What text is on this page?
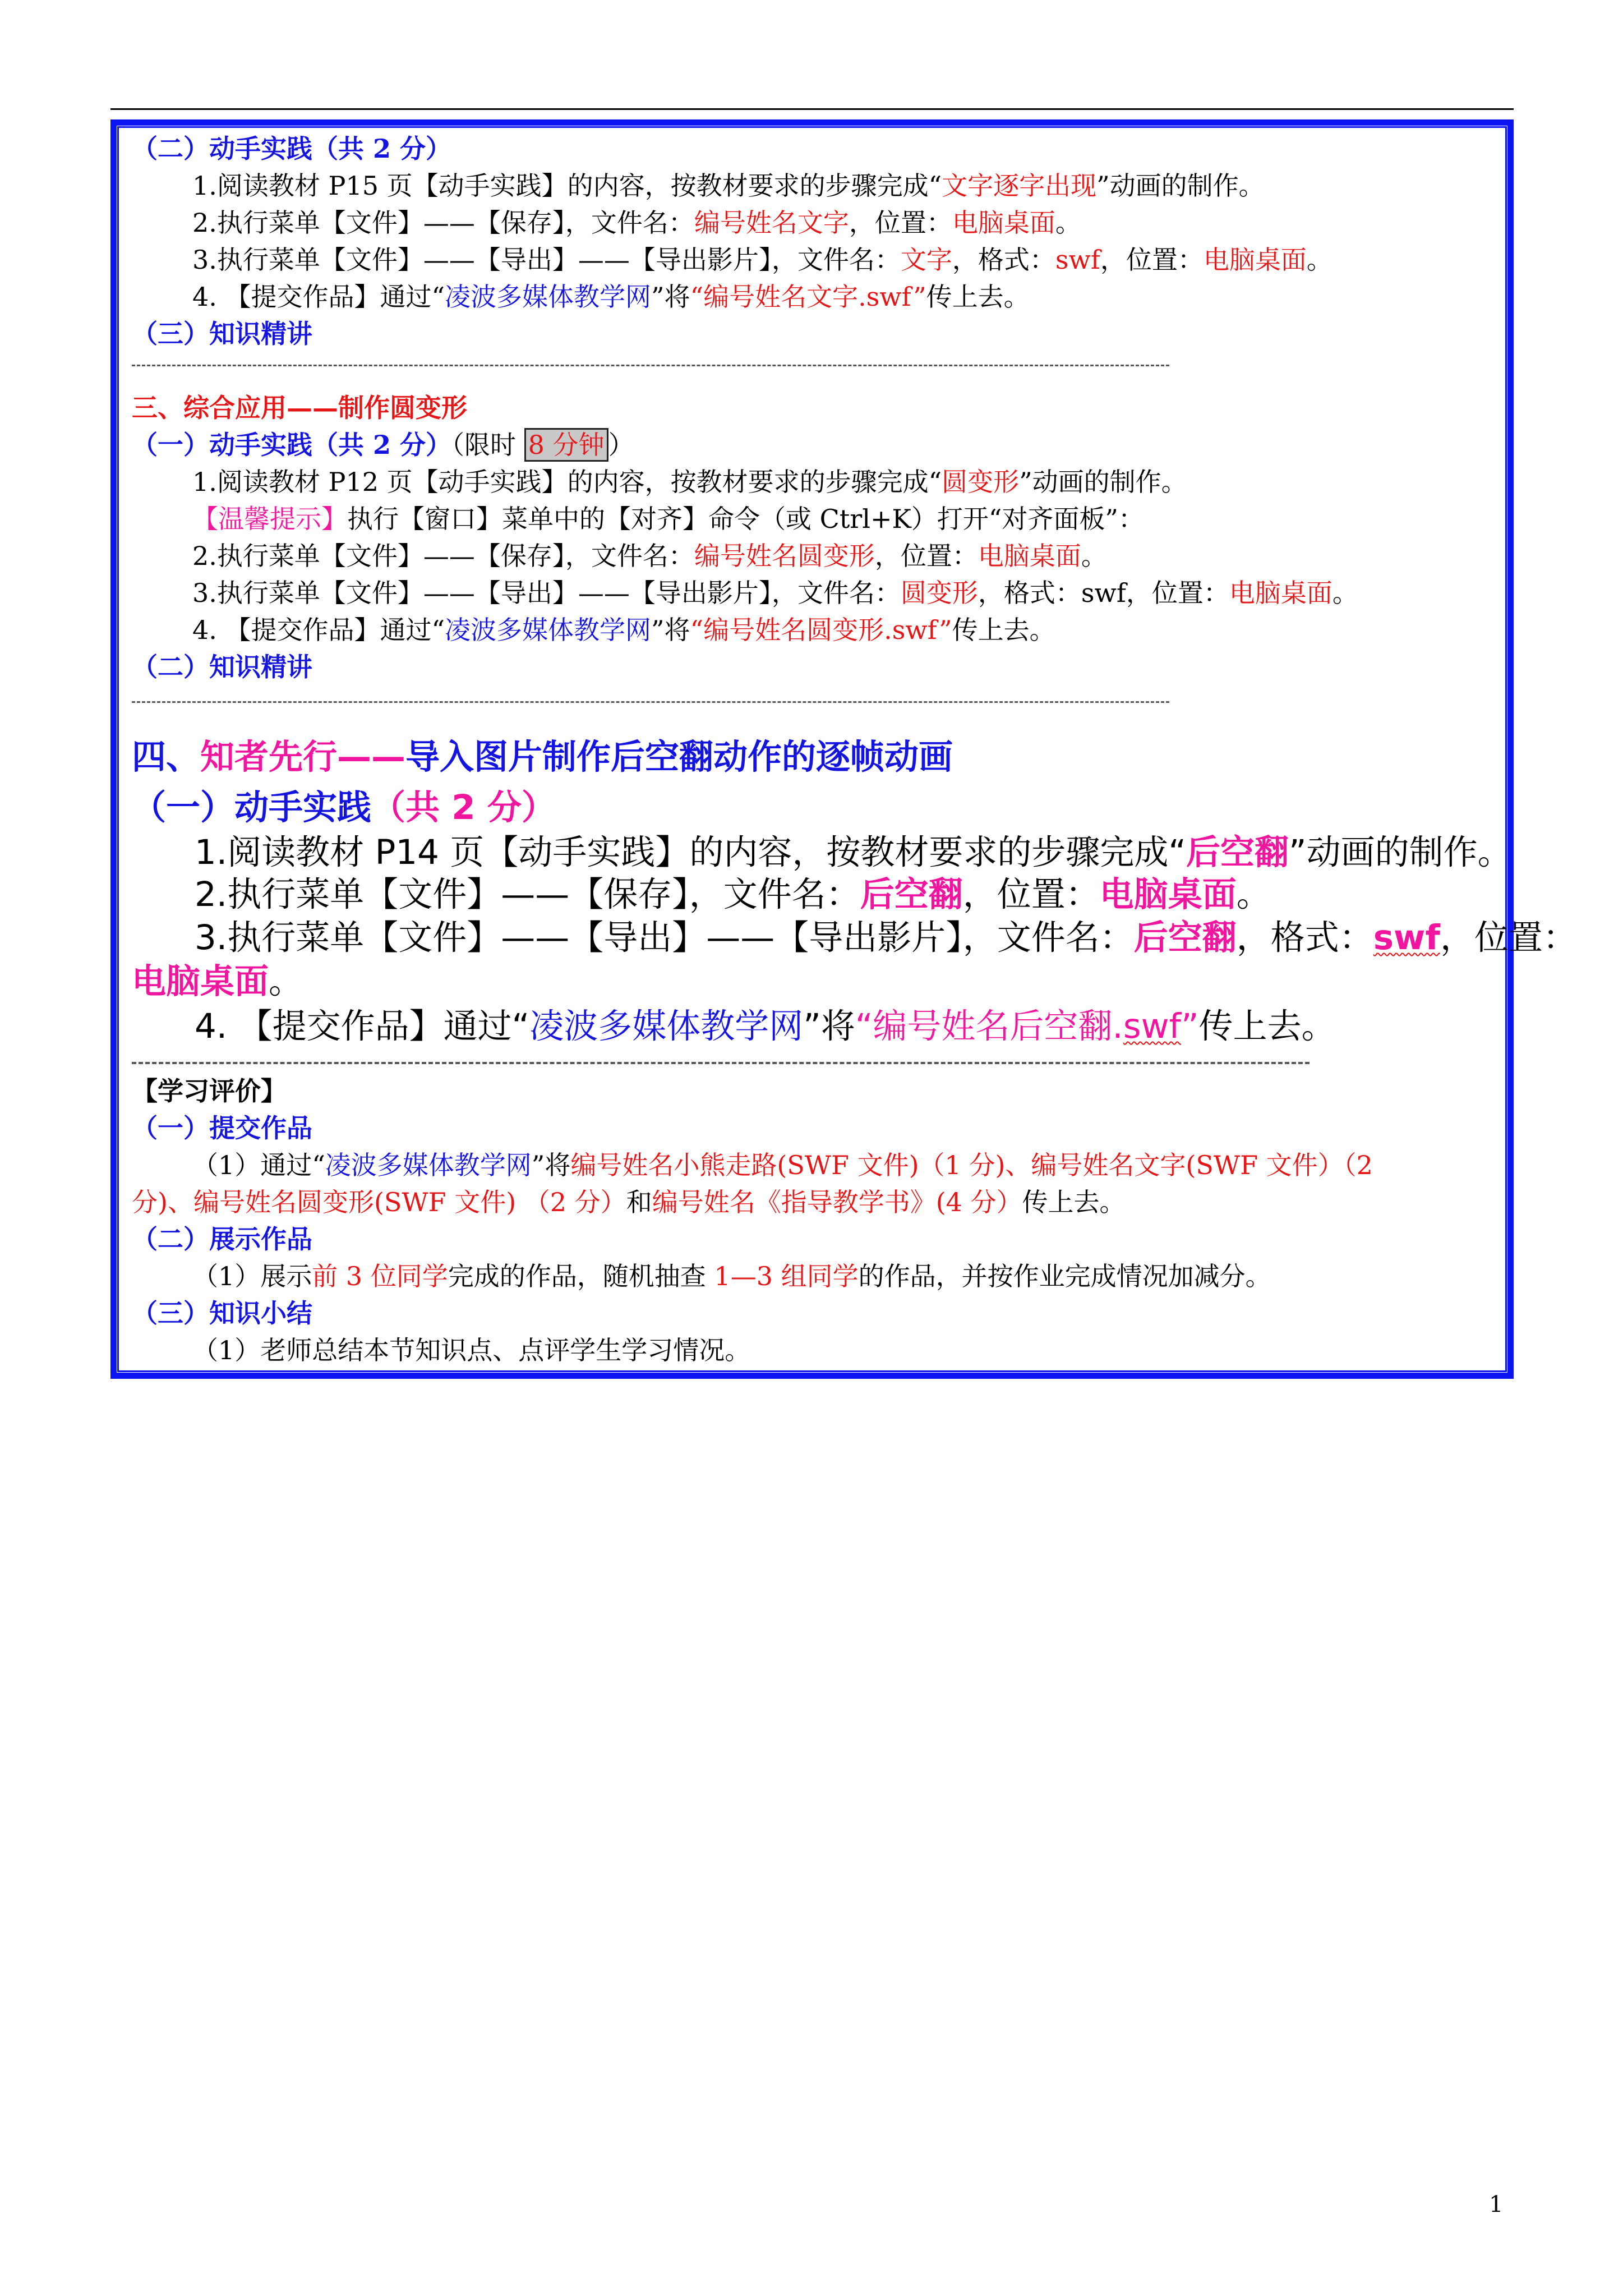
（二）动手实践（共 2 分）
1.阅读教材 P15 页【动手实践】的内容，按教材要求的步骤完成“文字逐字出现”动画的制作。
2.执行菜单【文件】——【保存】，文件名：编号姓名文字，位置：电脑桌面。
3.执行菜单【文件】——【导出】——【导出影片】，文件名：文字，格式：swf，位置：电脑桌面。
4. 【提交作品】通过“凌波多媒体教学网”将“编号姓名文字.swf”传上去。
（三）知识精讲
三、综合应用——制作圆变形
（一）动手实践（共 2 分）（限时 8 分钟 ）
1.阅读教材 P12 页【动手实践】的内容，按教材要求的步骤完成“圆变形”动画的制作。
【温馨提示】执行【窗口】菜单中的【对齐】命令（或 Ctrl+K）打开“对齐面板”：
2.执行菜单【文件】——【保存】，文件名：编号姓名圆变形，位置：电脑桌面。
3.执行菜单【文件】——【导出】——【导出影片】，文件名：圆变形，格式：swf，位置：电脑桌面。
4. 【提交作品】通过“凌波多媒体教学网”将“编号姓名圆变形.swf”传上去。
（二）知识精讲
四、知者先行——导入图片制作后空翻动作的逐帧动画
（一）动手实践（共 2 分）
1.阅读教材 P14 页【动手实践】的内容，按教材要求的步骤完成“后空翻”动画的制作。
2.执行菜单【文件】——【保存】，文件名：后空翻，位置：电脑桌面。
3.执行菜单【文件】——【导出】——【导出影片】，文件名：后空翻，格式：swf，位置：
电脑桌面。
4. 【提交作品】通过“凌波多媒体教学网”将“编号姓名后空翻.swf”传上去。
【学习评价】
（一）提交作品
（1）通过“凌波多媒体教学网”将编号姓名小熊走路(SWF 文件)（1 分)、编号姓名文字(SWF 文件）（2
分)、编号姓名圆变形(SWF 文件) （2 分）和编号姓名《指导教学书》(4 分）传上去。
（二）展示作品
（1）展示前 3 位同学完成的作品，随机抽查 1—3 组同学的作品，并按作业完成情况加减分。
（三）知识小结
（1）老师总结本节知识点、点评学生学习情况。
1
